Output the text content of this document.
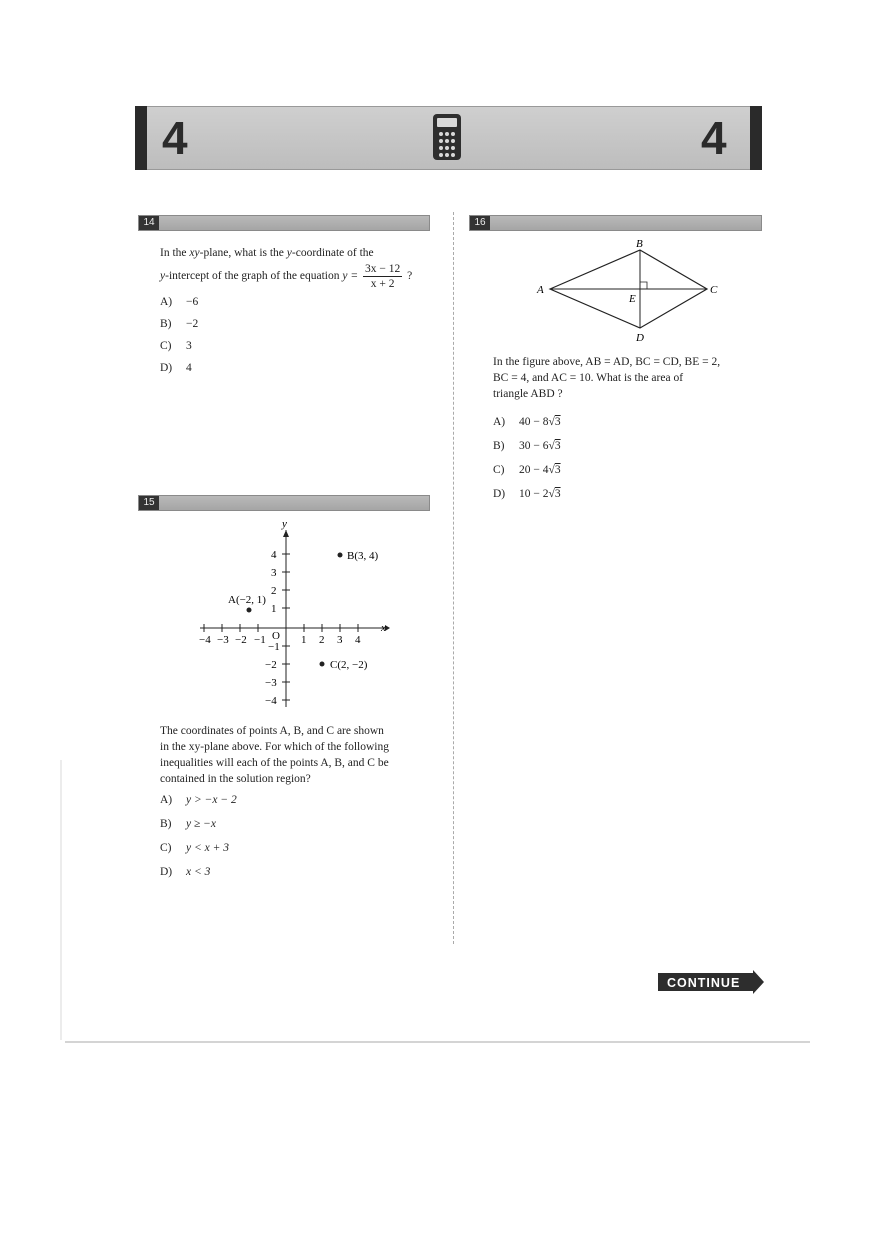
4	4
14
In the xy-plane, what is the y-coordinate of the
y-intercept of the graph of the equation $y = \frac{3x - 12}{x + 2}$ ?
A) −6
B) −2
C) 3
D) 4
15
y
x
O
−4 −3 −2 −1	1 2 3 4
4
3
2
1
−1
−2
−3
−4
A(−2, 1)
B(3, 4)
C(2, −2)
The coordinates of points A, B, and C are shown
in the xy-plane above. For which of the following
inequalities will each of the points A, B, and C be
contained in the solution region?
A) y > −x − 2
B) y ≥ −x
C) y < x + 3
D) x < 3
16
A
B
C
D
E
In the figure above, AB = AD, BC = CD, BE = 2,
BC = 4, and AC = 10. What is the area of
triangle ABD ?
A) 40 − 8√3
B) 30 − 6√3
C) 20 − 4√3
D) 10 − 2√3
CONTINUE
